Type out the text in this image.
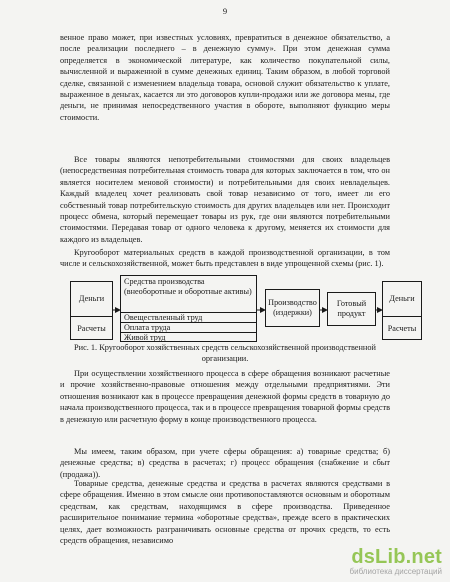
9

венное право может, при известных условиях, превратиться в денежное обязательство, а после реализации последнего – в денежную сумму». При этом денежная сумма определяется в экономической литературе, как количество покупательной силы, вычисленной и выраженной в сумме денежных единиц. Таким образом, в любой торговой сделке, связанной с изменением владельца товара, основой служит обязательство к уплате, выраженное в деньгах, касается ли это договоров купли-продажи или же договора мены, где деньги, не принимая непосредственного участия в обороте, выполняют функцию меры стоимости.

Все товары являются непотребительными стоимостями для своих владельцев (непосредственная потребительная стоимость товара для которых заключается в том, что он является носителем меновой стоимости) и потребительными для своих невладельцев. Каждый владелец хочет реализовать свой товар независимо от того, имеет ли его собственный товар потребительскую стоимость для других владельцев или нет. Происходит процесс обмена, который перемещает товары из рук, где они являются потребительными стоимостями. Передавая товар от одного человека к другому, меняется их стоимости для каждого из владельцев.

Кругооборот материальных средств в каждой производственной организации, в том числе и сельскохозяйственной, может быть представлен в виде упрощенной схемы (рис. 1).

Деньги
Расчеты
Средства производства (внеоборотные и оборотные активы)
Овеществленный труд
Оплата труда
Живой труд
Производство (издержки)
Готовый продукт
Деньги
Расчеты
Рис. 1. Кругооборот хозяйственных средств сельскохозяйственной производственной организации.

При осуществлении хозяйственного процесса в сфере обращения возникают расчетные и прочие хозяйственно-правовые отношения между отдельными предприятиями. Эти отношения возникают как в процессе превращения денежной формы средств в товарную до начала производственного процесса, так и в процессе превращения товарной формы средств в денежную или расчетную форму в конце производственного процесса.

Мы имеем, таким образом, при учете сферы обращения: а) товарные средства; б) денежные средства; в) средства в расчетах; г) процесс обращения (снабжение и сбыт (продажа)).

Товарные средства, денежные средства и средства в расчетах являются средствами в сфере обращения. Именно в этом смысле они противопоставляются основным и оборотным средствам, как средствам, находящимся в сфере производства. Приведенное расширительное понимание термина «оборотные средства», прежде всего в практических целях, дает возможность разграничивать основные средства от прочих средств, то есть средств обращения, независимо

dsLib.net
библиотека диссертаций
